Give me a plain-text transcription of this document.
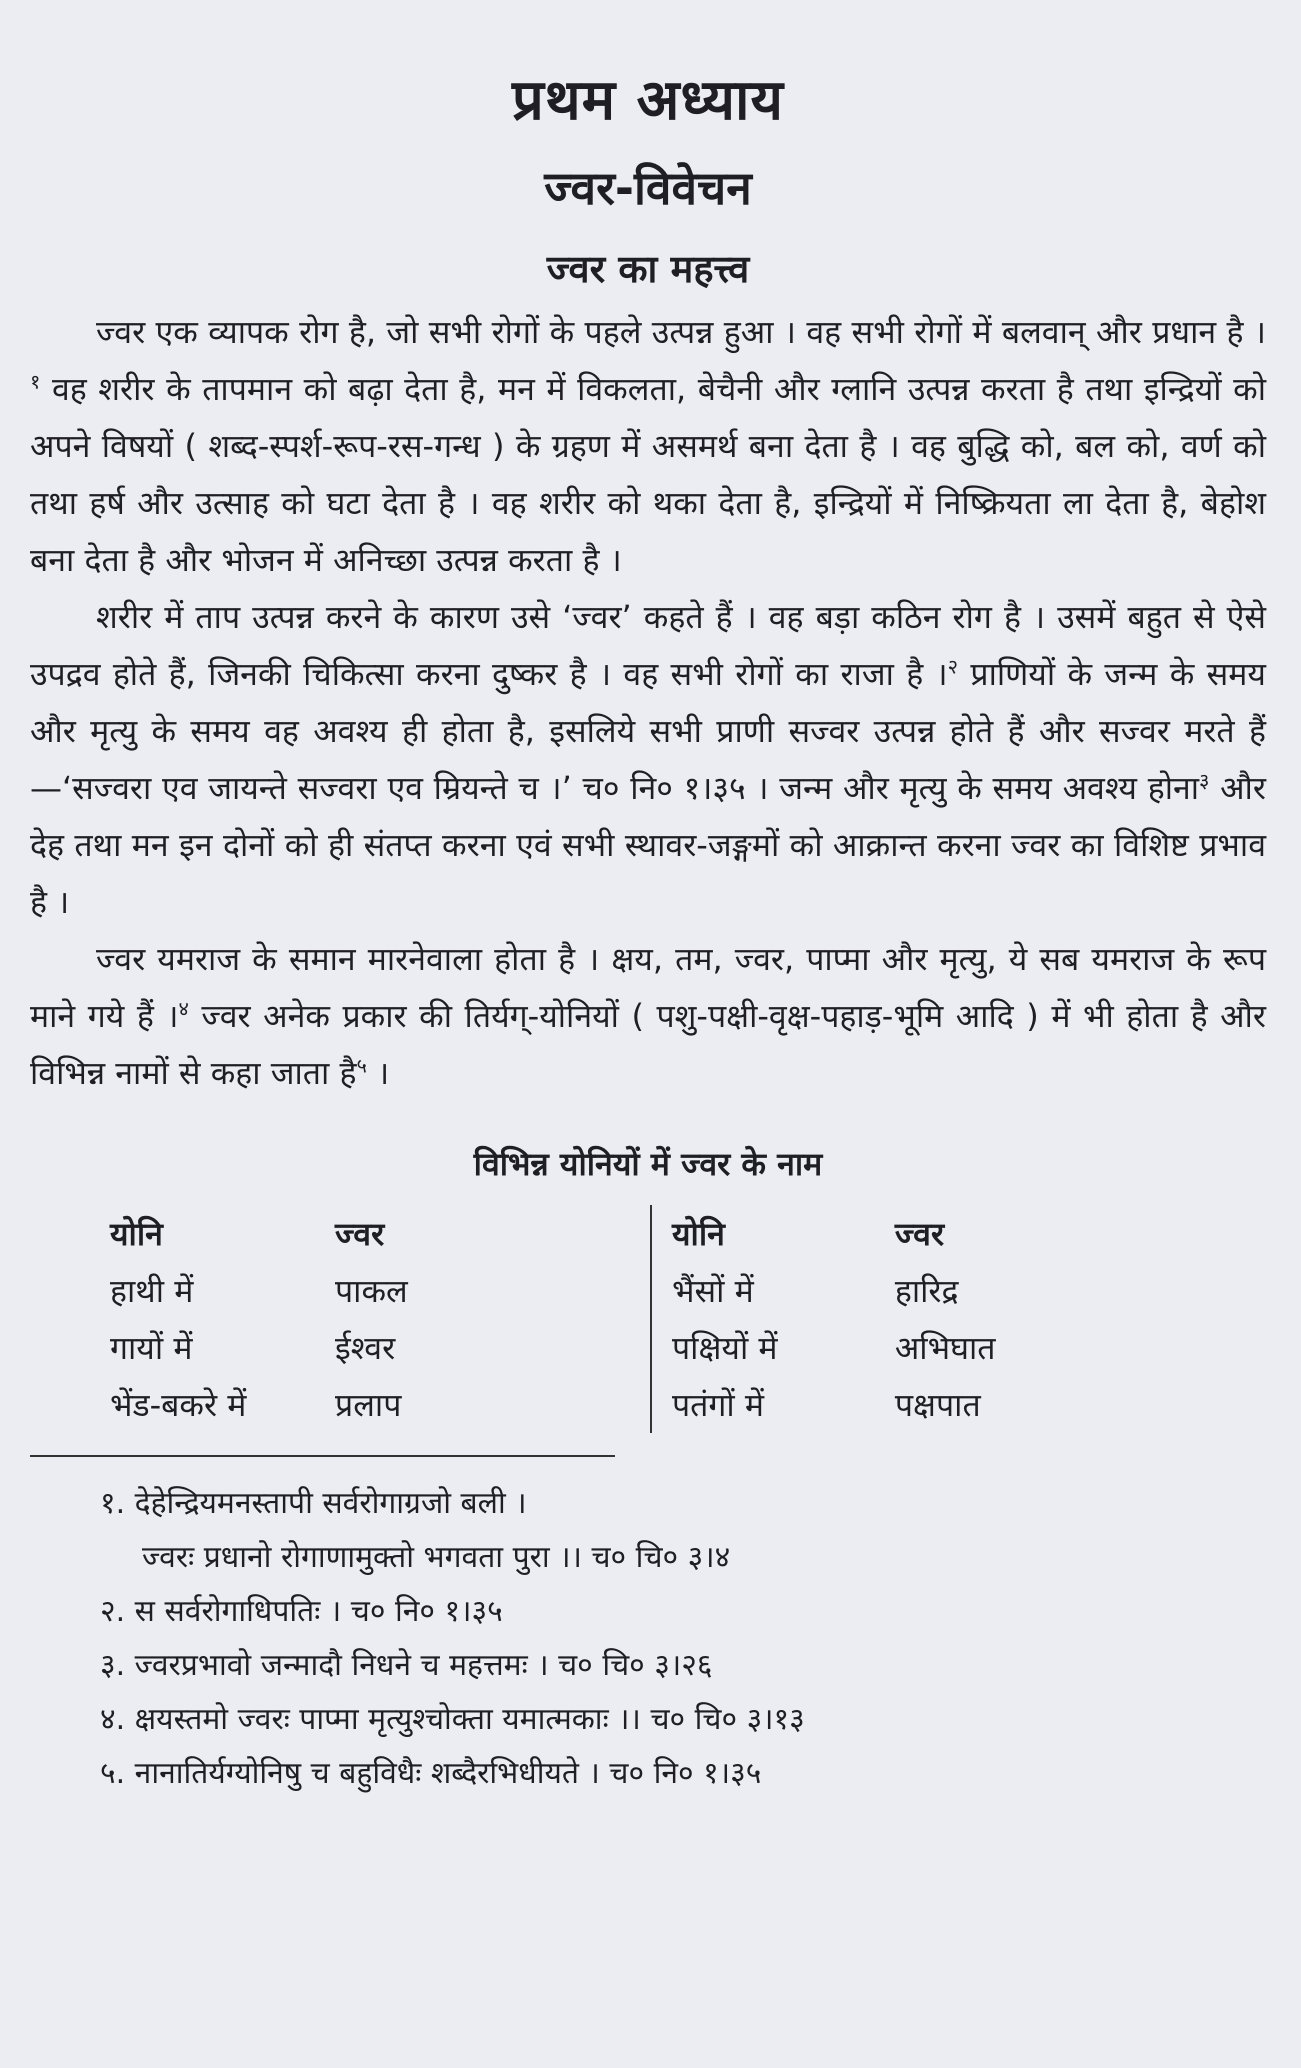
प्रथम अध्याय
ज्वर-विवेचन
ज्वर का महत्त्व

ज्वर एक व्यापक रोग है, जो सभी रोगों के पहले उत्पन्न हुआ । वह सभी रोगों में बलवान् और प्रधान है ।$^१$ वह शरीर के तापमान को बढ़ा देता है, मन में विकलता, बेचैनी और ग्लानि उत्पन्न करता है तथा इन्द्रियों को अपने विषयों ( शब्द-स्पर्श-रूप-रस-गन्ध ) के ग्रहण में असमर्थ बना देता है । वह बुद्धि को, बल को, वर्ण को तथा हर्ष और उत्साह को घटा देता है । वह शरीर को थका देता है, इन्द्रियों में निष्क्रियता ला देता है, बेहोश बना देता है और भोजन में अनिच्छा उत्पन्न करता है ।

शरीर में ताप उत्पन्न करने के कारण उसे ‘ज्वर’ कहते हैं । वह बड़ा कठिन रोग है । उसमें बहुत से ऐसे उपद्रव होते हैं, जिनकी चिकित्सा करना दुष्कर है । वह सभी रोगों का राजा है ।$^२$ प्राणियों के जन्म के समय और मृत्यु के समय वह अवश्य ही होता है, इसलिये सभी प्राणी सज्वर उत्पन्न होते हैं और सज्वर मरते हैं—‘सज्वरा एव जायन्ते सज्वरा एव म्रियन्ते च ।’ च० नि० १।३५ । जन्म और मृत्यु के समय अवश्य होना$^३$ और देह तथा मन इन दोनों को ही संतप्त करना एवं सभी स्थावर-जङ्गमों को आक्रान्त करना ज्वर का विशिष्ट प्रभाव है ।

ज्वर यमराज के समान मारनेवाला होता है । क्षय, तम, ज्वर, पाप्मा और मृत्यु, ये सब यमराज के रूप माने गये हैं ।$^४$ ज्वर अनेक प्रकार की तिर्यग्-योनियों ( पशु-पक्षी-वृक्ष-पहाड़-भूमि आदि ) में भी होता है और विभिन्न नामों से कहा जाता है$^५$ ।

विभिन्न योनियों में ज्वर के नाम
योनि	ज्वर
हाथी में	पाकल
गायों में	ईश्वर
भेंड-बकरे में	प्रलाप
योनि	ज्वर
भैंसों में	हारिद्र
पक्षियों में	अभिघात
पतंगों में	पक्षपात
१. देहेन्द्रियमनस्तापी सर्वरोगाग्रजो बली ।
ज्वरः प्रधानो रोगाणामुक्तो भगवता पुरा ।। च० चि० ३।४
२. स सर्वरोगाधिपतिः । च० नि० १।३५
३. ज्वरप्रभावो जन्मादौ निधने च महत्तमः । च० चि० ३।२६
४. क्षयस्तमो ज्वरः पाप्मा मृत्युश्चोक्ता यमात्मकाः ।। च० चि० ३।१३
५. नानातिर्यग्योनिषु च बहुविधैः शब्दैरभिधीयते । च० नि० १।३५
